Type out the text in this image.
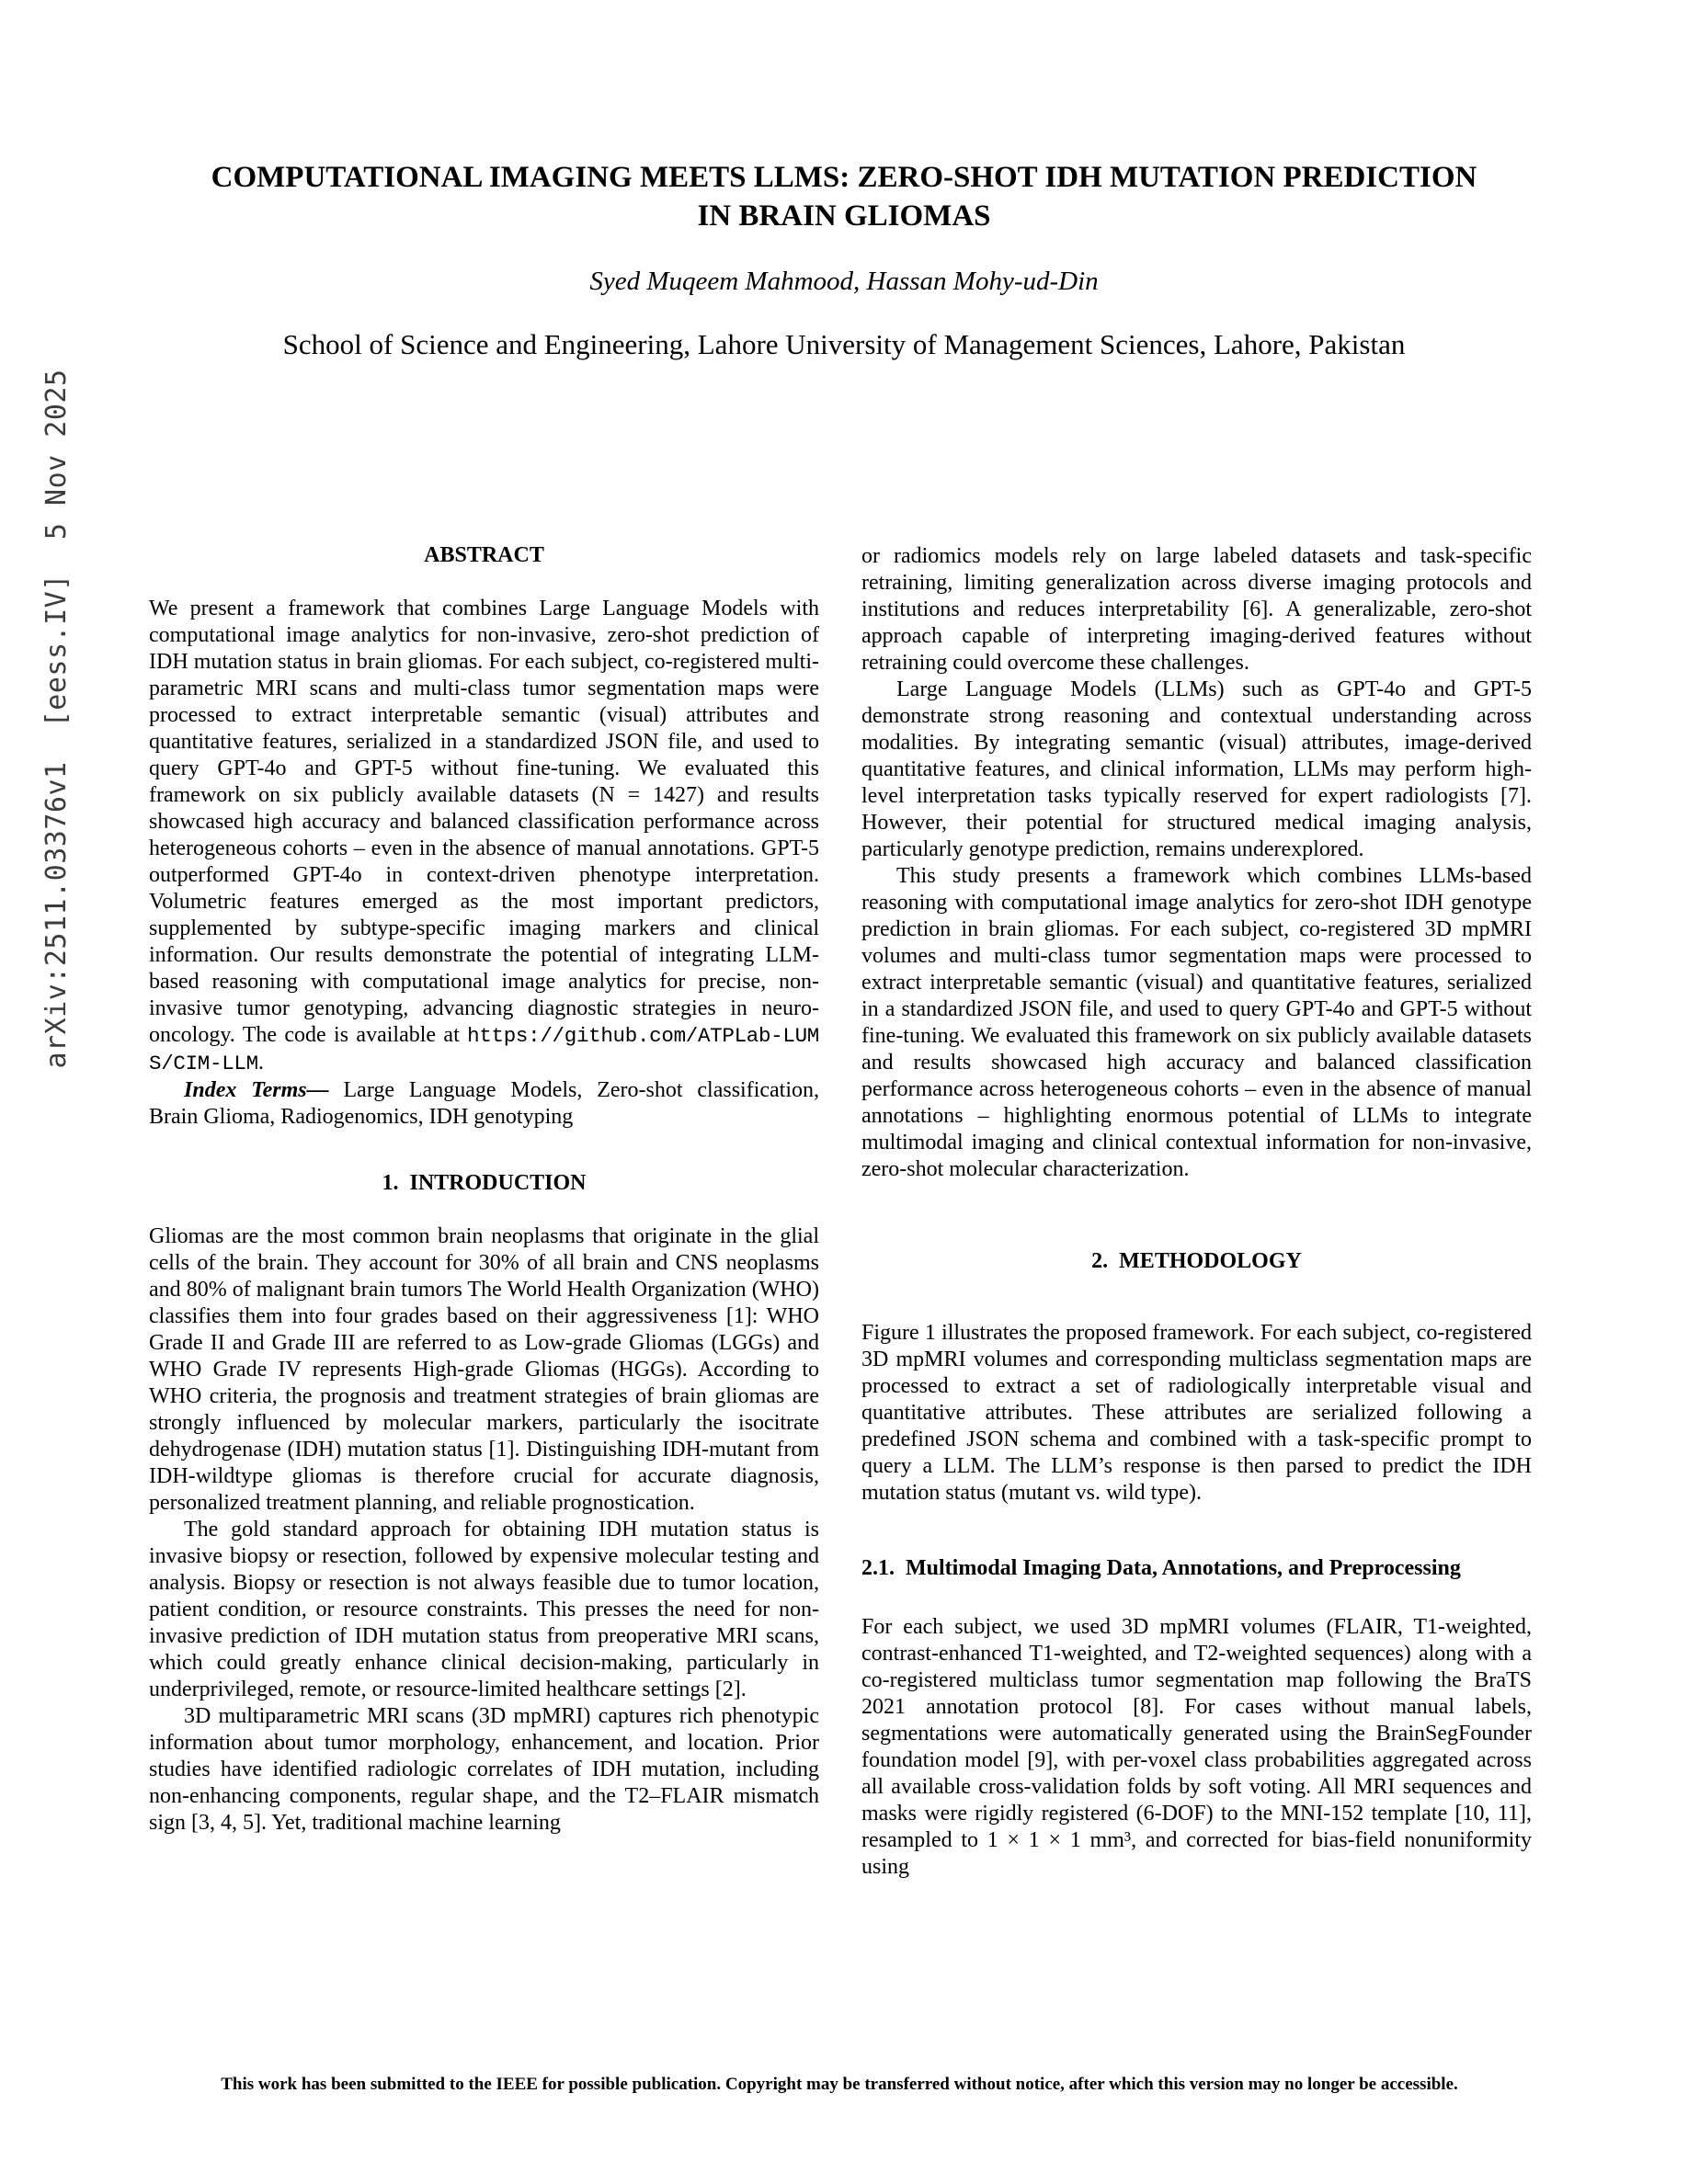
arXiv:2511.03376v1  [eess.IV]  5 Nov 2025
COMPUTATIONAL IMAGING MEETS LLMS: ZERO-SHOT IDH MUTATION PREDICTION
IN BRAIN GLIOMAS
Syed Muqeem Mahmood, Hassan Mohy-ud-Din
School of Science and Engineering, Lahore University of Management Sciences, Lahore, Pakistan
ABSTRACT

We present a framework that combines Large Language Models with computational image analytics for non-invasive, zero-shot prediction of IDH mutation status in brain gliomas. For each subject, co-registered multi-parametric MRI scans and multi-class tumor segmentation maps were processed to extract interpretable semantic (visual) attributes and quantitative features, serialized in a standardized JSON file, and used to query GPT-4o and GPT-5 without fine-tuning. We evaluated this framework on six publicly available datasets (N = 1427) and results showcased high accuracy and balanced classification performance across heterogeneous cohorts – even in the absence of manual annotations. GPT-5 outperformed GPT-4o in context-driven phenotype interpretation. Volumetric features emerged as the most important predictors, supplemented by subtype-specific imaging markers and clinical information. Our results demonstrate the potential of integrating LLM-based reasoning with computational image analytics for precise, non-invasive tumor genotyping, advancing diagnostic strategies in neuro-oncology. The code is available at https://github.com/ATPLab-LUMS/CIM-LLM.

Index Terms— Large Language Models, Zero-shot classification, Brain Glioma, Radiogenomics, IDH genotyping

1.  INTRODUCTION

Gliomas are the most common brain neoplasms that originate in the glial cells of the brain. They account for 30% of all brain and CNS neoplasms and 80% of malignant brain tumors The World Health Organization (WHO) classifies them into four grades based on their aggressiveness [1]: WHO Grade II and Grade III are referred to as Low-grade Gliomas (LGGs) and WHO Grade IV represents High-grade Gliomas (HGGs). According to WHO criteria, the prognosis and treatment strategies of brain gliomas are strongly influenced by molecular markers, particularly the isocitrate dehydrogenase (IDH) mutation status [1]. Distinguishing IDH-mutant from IDH-wildtype gliomas is therefore crucial for accurate diagnosis, personalized treatment planning, and reliable prognostication.

The gold standard approach for obtaining IDH mutation status is invasive biopsy or resection, followed by expensive molecular testing and analysis. Biopsy or resection is not always feasible due to tumor location, patient condition, or resource constraints. This presses the need for non-invasive prediction of IDH mutation status from preoperative MRI scans, which could greatly enhance clinical decision-making, particularly in underprivileged, remote, or resource-limited healthcare settings [2].

3D multiparametric MRI scans (3D mpMRI) captures rich phenotypic information about tumor morphology, enhancement, and location. Prior studies have identified radiologic correlates of IDH mutation, including non-enhancing components, regular shape, and the T2–FLAIR mismatch sign [3, 4, 5]. Yet, traditional machine learning

or radiomics models rely on large labeled datasets and task-specific retraining, limiting generalization across diverse imaging protocols and institutions and reduces interpretability [6]. A generalizable, zero-shot approach capable of interpreting imaging-derived features without retraining could overcome these challenges.

Large Language Models (LLMs) such as GPT-4o and GPT-5 demonstrate strong reasoning and contextual understanding across modalities. By integrating semantic (visual) attributes, image-derived quantitative features, and clinical information, LLMs may perform high-level interpretation tasks typically reserved for expert radiologists [7]. However, their potential for structured medical imaging analysis, particularly genotype prediction, remains underexplored.

This study presents a framework which combines LLMs-based reasoning with computational image analytics for zero-shot IDH genotype prediction in brain gliomas. For each subject, co-registered 3D mpMRI volumes and multi-class tumor segmentation maps were processed to extract interpretable semantic (visual) and quantitative features, serialized in a standardized JSON file, and used to query GPT-4o and GPT-5 without fine-tuning. We evaluated this framework on six publicly available datasets and results showcased high accuracy and balanced classification performance across heterogeneous cohorts – even in the absence of manual annotations – highlighting enormous potential of LLMs to integrate multimodal imaging and clinical contextual information for non-invasive, zero-shot molecular characterization.

2.  METHODOLOGY

Figure 1 illustrates the proposed framework. For each subject, co-registered 3D mpMRI volumes and corresponding multiclass segmentation maps are processed to extract a set of radiologically interpretable visual and quantitative attributes. These attributes are serialized following a predefined JSON schema and combined with a task-specific prompt to query a LLM. The LLM’s response is then parsed to predict the IDH mutation status (mutant vs. wild type).

2.1.  Multimodal Imaging Data, Annotations, and Preprocessing

For each subject, we used 3D mpMRI volumes (FLAIR, T1-weighted, contrast-enhanced T1-weighted, and T2-weighted sequences) along with a co-registered multiclass tumor segmentation map following the BraTS 2021 annotation protocol [8]. For cases without manual labels, segmentations were automatically generated using the BrainSegFounder foundation model [9], with per-voxel class probabilities aggregated across all available cross-validation folds by soft voting. All MRI sequences and masks were rigidly registered (6-DOF) to the MNI-152 template [10, 11], resampled to 1 × 1 × 1 mm³, and corrected for bias-field nonuniformity using

This work has been submitted to the IEEE for possible publication. Copyright may be transferred without notice, after which this version may no longer be accessible.
